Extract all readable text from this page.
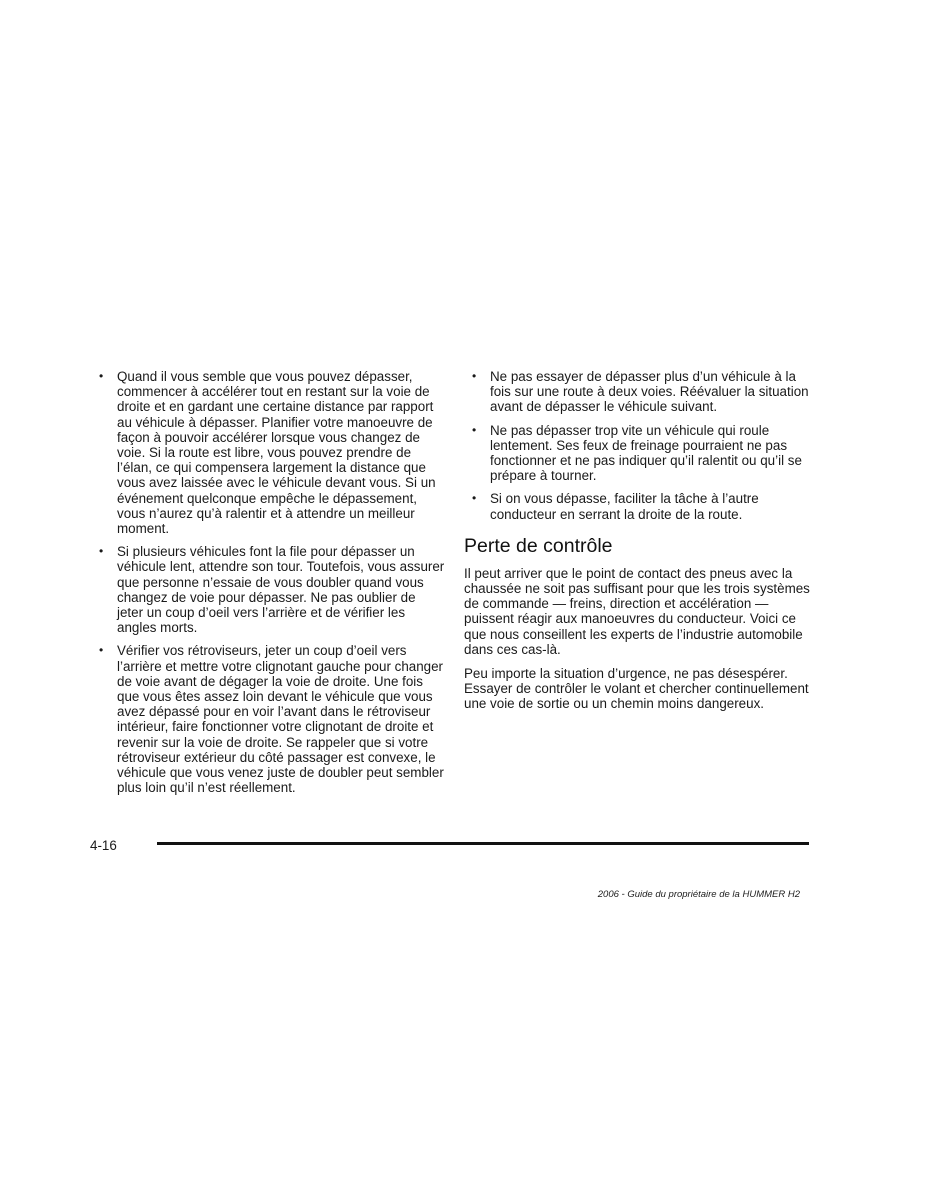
• Quand il vous semble que vous pouvez dépasser, commencer à accélérer tout en restant sur la voie de droite et en gardant une certaine distance par rapport au véhicule à dépasser. Planifier votre manoeuvre de façon à pouvoir accélérer lorsque vous changez de voie. Si la route est libre, vous pouvez prendre de l’élan, ce qui compensera largement la distance que vous avez laissée avec le véhicule devant vous. Si un événement quelconque empêche le dépassement, vous n’aurez qu’à ralentir et à attendre un meilleur moment.
• Si plusieurs véhicules font la file pour dépasser un véhicule lent, attendre son tour. Toutefois, vous assurer que personne n’essaie de vous doubler quand vous changez de voie pour dépasser. Ne pas oublier de jeter un coup d’oeil vers l’arrière et de vérifier les angles morts.
• Vérifier vos rétroviseurs, jeter un coup d’oeil vers l’arrière et mettre votre clignotant gauche pour changer de voie avant de dégager la voie de droite. Une fois que vous êtes assez loin devant le véhicule que vous avez dépassé pour en voir l’avant dans le rétroviseur intérieur, faire fonctionner votre clignotant de droite et revenir sur la voie de droite. Se rappeler que si votre rétroviseur extérieur du côté passager est convexe, le véhicule que vous venez juste de doubler peut sembler plus loin qu’il n’est réellement.
• Ne pas essayer de dépasser plus d’un véhicule à la fois sur une route à deux voies. Réévaluer la situation avant de dépasser le véhicule suivant.
• Ne pas dépasser trop vite un véhicule qui roule lentement. Ses feux de freinage pourraient ne pas fonctionner et ne pas indiquer qu’il ralentit ou qu’il se prépare à tourner.
• Si on vous dépasse, faciliter la tâche à l’autre conducteur en serrant la droite de la route.
Perte de contrôle

Il peut arriver que le point de contact des pneus avec la chaussée ne soit pas suffisant pour que les trois systèmes de commande — freins, direction et accélération — puissent réagir aux manoeuvres du conducteur. Voici ce que nous conseillent les experts de l’industrie automobile dans ces cas-là.

Peu importe la situation d’urgence, ne pas désespérer. Essayer de contrôler le volant et chercher continuellement une voie de sortie ou un chemin moins dangereux.

4-16
2006 - Guide du propriétaire de la HUMMER H2
